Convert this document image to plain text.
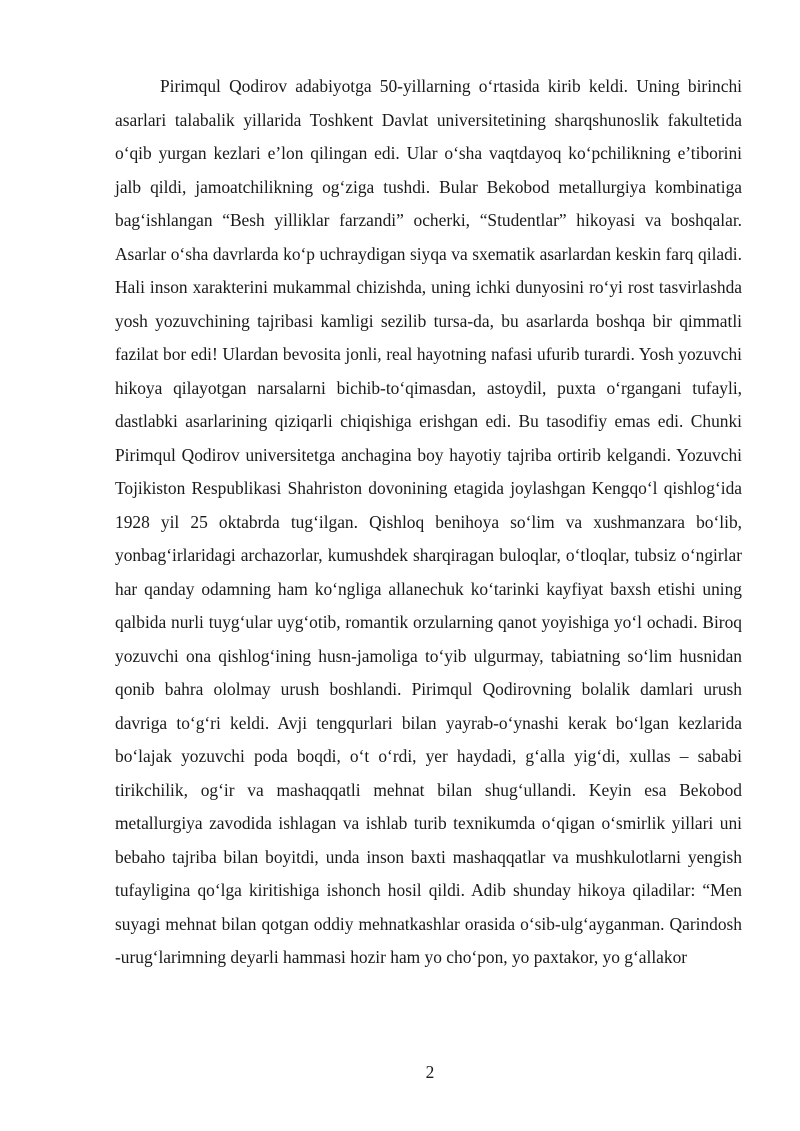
Pirimqul Qodirov adabiyotga 50-yillarning o‘rtasida kirib keldi. Uning birinchi asarlari talabalik yillarida Toshkent Davlat universitetining sharqshunoslik fakultetida o‘qib yurgan kezlari e’lon qilingan edi. Ular o‘sha vaqtdayoq ko‘pchilikning e’tiborini jalb qildi, jamoatchilikning og‘ziga tushdi. Bular Bekobod metallurgiya kombinatiga bag‘ishlangan “Besh yilliklar farzandi” ocherki, “Studentlar” hikoyasi va boshqalar. Asarlar o‘sha davrlarda ko‘p uchraydigan siyqa va sxematik asarlardan keskin farq qiladi. Hali inson xarakterini mukammal chizishda, uning ichki dunyosini ro‘yi rost tasvirlashda yosh yozuvchining tajribasi kamligi sezilib tursa-da, bu asarlarda boshqa bir qimmatli fazilat bor edi! Ulardan bevosita jonli, real hayotning nafasi ufurib turardi. Yosh yozuvchi hikoya qilayotgan narsalarni bichib-to‘qimasdan, astoydil, puxta o‘rgangani tufayli, dastlabki asarlarining qiziqarli chiqishiga erishgan edi. Bu tasodifiy emas edi. Chunki Pirimqul Qodirov universitetga anchagina boy hayotiy tajriba ortirib kelgandi. Yozuvchi Tojikiston Respublikasi Shahriston dovonining etagida joylashgan Kengqo‘l qishlog‘ida 1928 yil 25 oktabrda tug‘ilgan. Qishloq benihoya so‘lim va xushmanzara bo‘lib, yonbag‘irlaridagi archazorlar, kumushdek sharqiragan buloqlar, o‘tloqlar, tubsiz o‘ngirlar har qanday odamning ham ko‘ngliga allanechuk ko‘tarinki kayfiyat baxsh etishi uning qalbida nurli tuyg‘ular uyg‘otib, romantik orzularning qanot yoyishiga yo‘l ochadi. Biroq yozuvchi ona qishlog‘ining husn-jamoliga to‘yib ulgurmay, tabiatning so‘lim husnidan qonib bahra ololmay urush boshlandi. Pirimqul Qodirovning bolalik damlari urush davriga to‘g‘ri keldi. Avji tengqurlari bilan yayrab-o‘ynashi kerak bo‘lgan kezlarida bo‘lajak yozuvchi poda boqdi, o‘t o‘rdi, yer haydadi, g‘alla yig‘di, xullas – sababi tirikchilik, og‘ir va mashaqqatli mehnat bilan shug‘ullandi. Keyin esa Bekobod metallurgiya zavodida ishlagan va ishlab turib texnikumda o‘qigan o‘smirlik yillari uni bebaho tajriba bilan boyitdi, unda inson baxti mashaqqatlar va mushkulotlarni yengish tufayligina qo‘lga kiritishiga ishonch hosil qildi. Adib shunday hikoya qiladilar: “Men suyagi mehnat bilan qotgan oddiy mehnatkashlar orasida o‘sib-ulg‘ayganman. Qarindosh -urug‘larimning deyarli hammasi hozir ham yo cho‘pon, yo paxtakor, yo g‘allakor

2
